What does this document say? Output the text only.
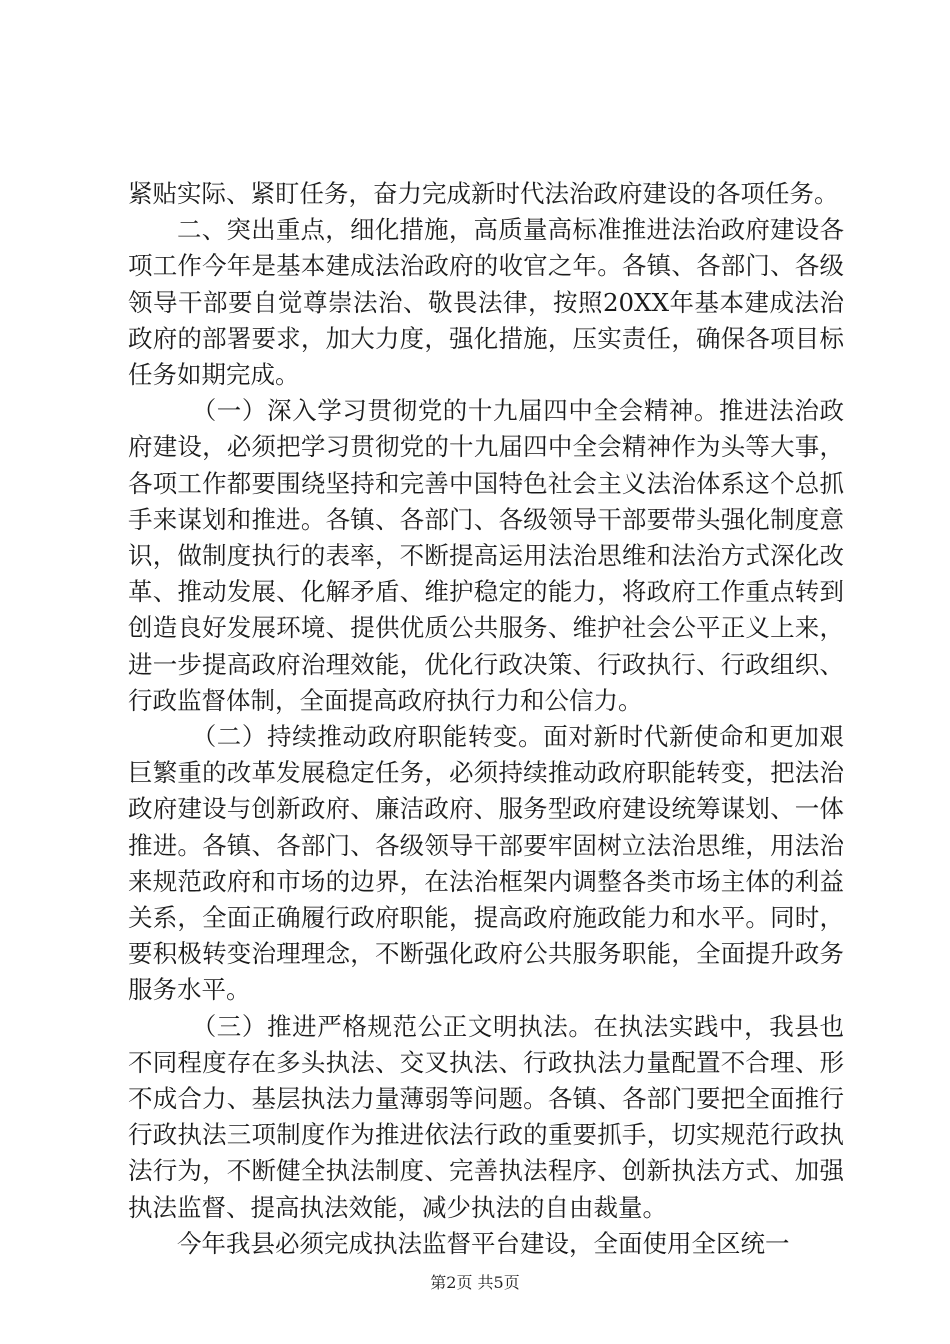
紧贴实际、紧盯任务，奋力完成新时代法治政府建设的各项任务。

二、突出重点，细化措施，高质量高标准推进法治政府建设各项工作今年是基本建成法治政府的收官之年。各镇、各部门、各级领导干部要自觉尊崇法治、敬畏法律，按照20XX年基本建成法治政府的部署要求，加大力度，强化措施，压实责任，确保各项目标任务如期完成。

（一）深入学习贯彻党的十九届四中全会精神。推进法治政府建设，必须把学习贯彻党的十九届四中全会精神作为头等大事，各项工作都要围绕坚持和完善中国特色社会主义法治体系这个总抓手来谋划和推进。各镇、各部门、各级领导干部要带头强化制度意识，做制度执行的表率，不断提高运用法治思维和法治方式深化改革、推动发展、化解矛盾、维护稳定的能力，将政府工作重点转到创造良好发展环境、提供优质公共服务、维护社会公平正义上来，进一步提高政府治理效能，优化行政决策、行政执行、行政组织、行政监督体制，全面提高政府执行力和公信力。

（二）持续推动政府职能转变。面对新时代新使命和更加艰巨繁重的改革发展稳定任务，必须持续推动政府职能转变，把法治政府建设与创新政府、廉洁政府、服务型政府建设统筹谋划、一体推进。各镇、各部门、各级领导干部要牢固树立法治思维，用法治来规范政府和市场的边界，在法治框架内调整各类市场主体的利益关系，全面正确履行政府职能，提高政府施政能力和水平。同时，要积极转变治理理念，不断强化政府公共服务职能，全面提升政务服务水平。

（三）推进严格规范公正文明执法。在执法实践中，我县也不同程度存在多头执法、交叉执法、行政执法力量配置不合理、形不成合力、基层执法力量薄弱等问题。各镇、各部门要把全面推行行政执法三项制度作为推进依法行政的重要抓手，切实规范行政执法行为，不断健全执法制度、完善执法程序、创新执法方式、加强执法监督、提高执法效能，减少执法的自由裁量。

今年我县必须完成执法监督平台建设，全面使用全区统一

第2页 共5页
